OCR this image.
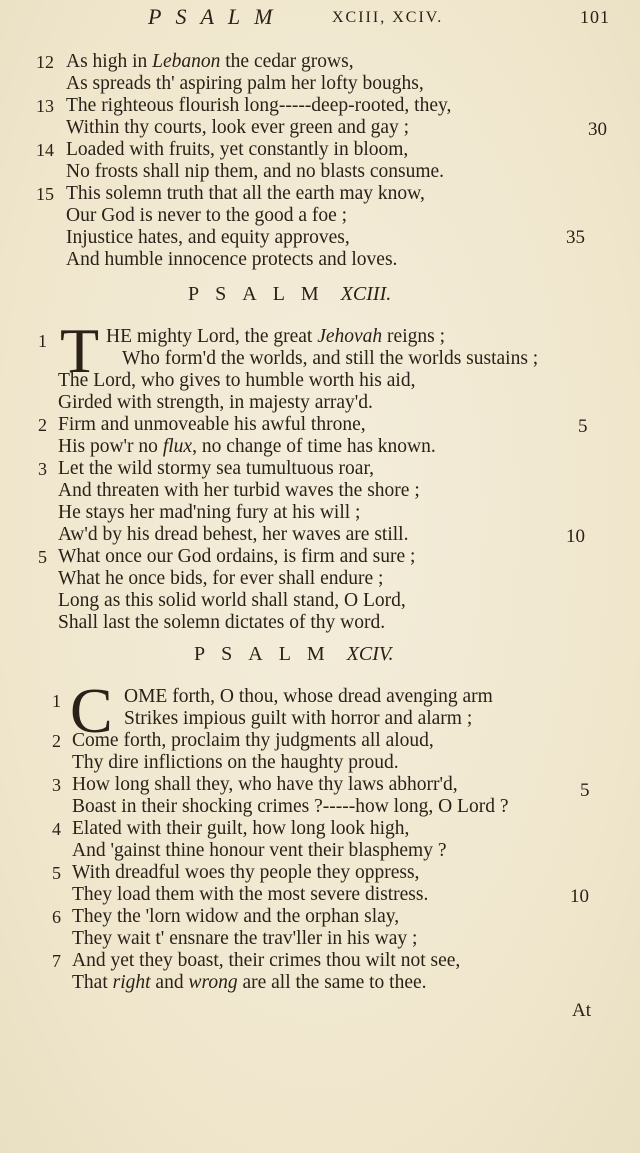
PSALM	XCIII, XCIV.	101
12 As high in Lebanon the cedar grows,
As spreads th' aspiring palm her lofty boughs,
13 The righteous flourish long-----deep-rooted, they,
Within thy courts, look ever green and gay ;	30
14 Loaded with fruits, yet constantly in bloom,
No frosts shall nip them, and no blasts consume.
15 This solemn truth that all the earth may know,
Our God is never to the good a foe ;
Injustice hates, and equity approves,	35
And humble innocence protects and loves.
PSALM XCIII.
1 T HE mighty Lord, the great Jehovah reigns ;
Who form'd the worlds, and still the worlds sustains ;
The Lord, who gives to humble worth his aid,
Girded with strength, in majesty array'd.
2 Firm and unmoveable his awful throne,	5
His pow'r no flux, no change of time has known.
3 Let the wild stormy sea tumultuous roar,
And threaten with her turbid waves the shore ;
He stays her mad'ning fury at his will ;
Aw'd by his dread behest, her waves are still.	10
5 What once our God ordains, is firm and sure ;
What he once bids, for ever shall endure ;
Long as this solid world shall stand, O Lord,
Shall last the solemn dictates of thy word.
PSALM XCIV.
1 C OME forth, O thou, whose dread avenging arm
Strikes impious guilt with horror and alarm ;
2 Come forth, proclaim thy judgments all aloud,
Thy dire inflictions on the haughty proud.
3 How long shall they, who have thy laws abhorr'd,
Boast in their shocking crimes ?-----how long, O Lord ?
5
4 Elated with their guilt, how long look high,
And 'gainst thine honour vent their blasphemy ?
5 With dreadful woes thy people they oppress,
They load them with the most severe distress.	10
6 They the 'lorn widow and the orphan slay,
They wait t' ensnare the trav'ller in his way ;
7 And yet they boast, their crimes thou wilt not see,
That right and wrong are all the same to thee.
At
